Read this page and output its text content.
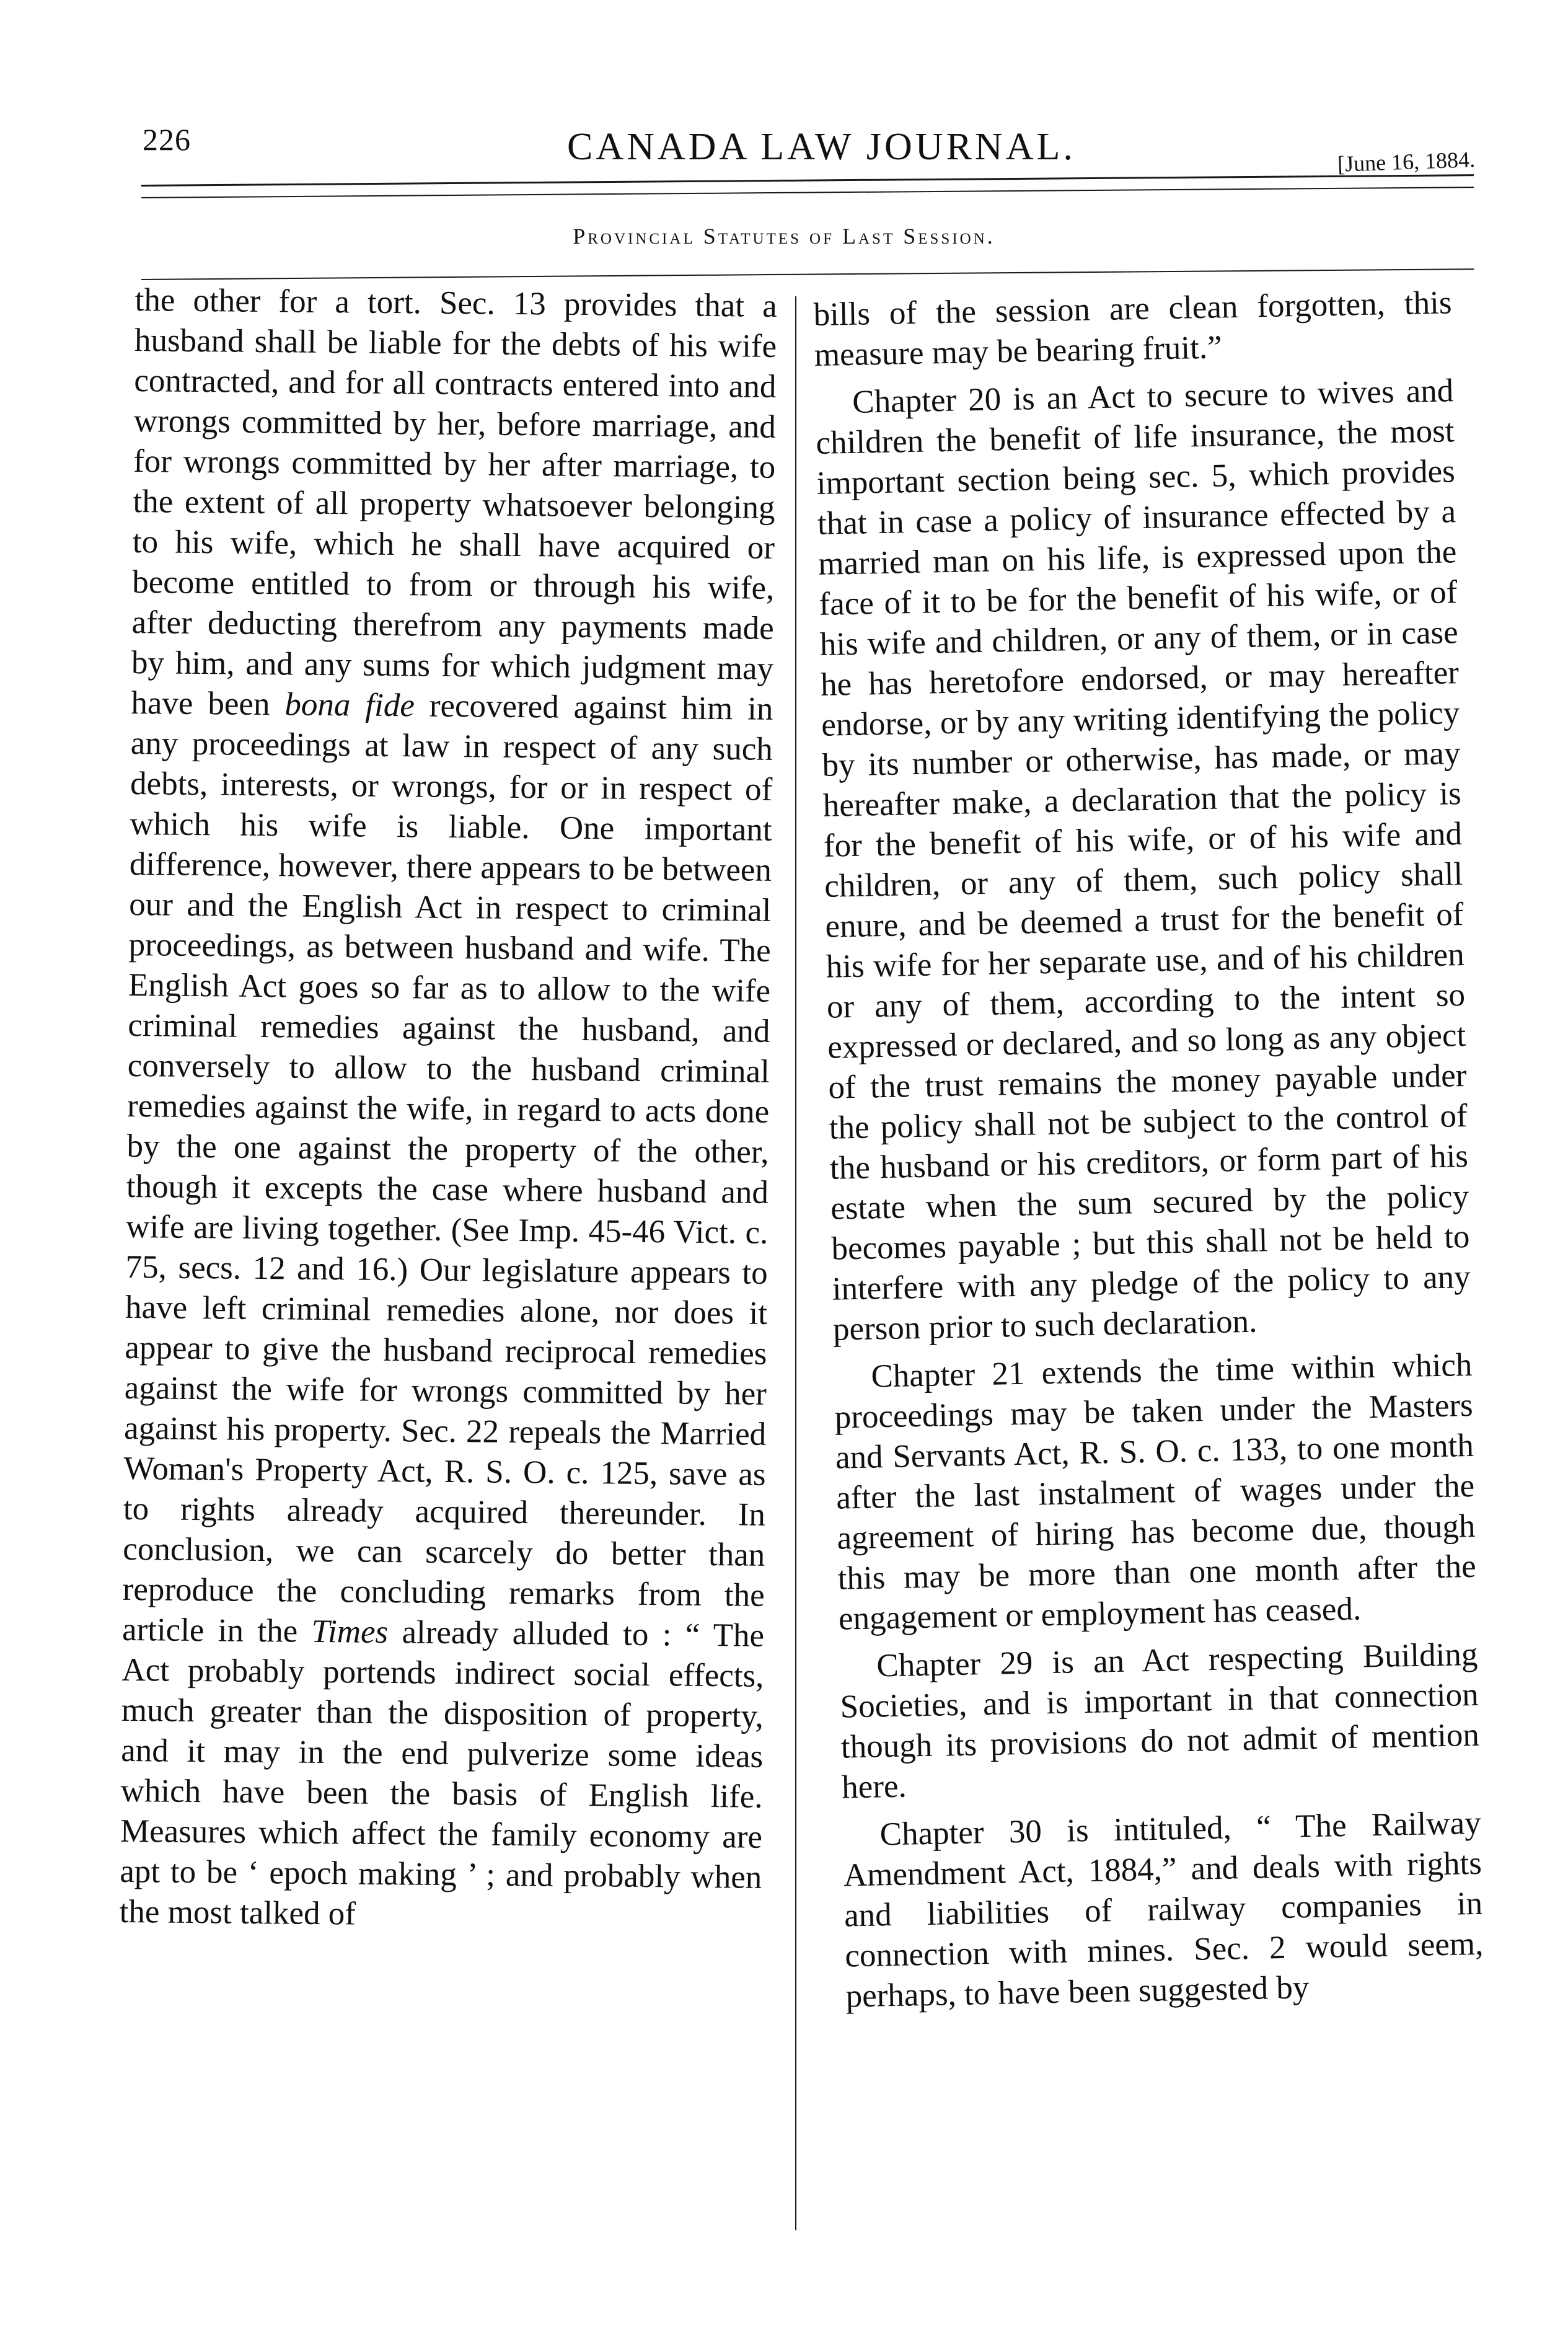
226	CANADA LAW JOURNAL.	[June 16, 1884.
Provincial Statutes of Last Session.

the other for a tort. Sec. 13 provides that a husband shall be liable for the debts of his wife contracted, and for all contracts entered into and wrongs committed by her, before marriage, and for wrongs committed by her after marriage, to the extent of all property whatsoever belonging to his wife, which he shall have acquired or become entitled to from or through his wife, after deducting therefrom any payments made by him, and any sums for which judgment may have been bona fide recovered against him in any proceedings at law in respect of any such debts, interests, or wrongs, for or in respect of which his wife is liable. One important difference, however, there appears to be between our and the English Act in respect to criminal proceedings, as between husband and wife. The English Act goes so far as to allow to the wife criminal remedies against the husband, and conversely to allow to the husband criminal remedies against the wife, in regard to acts done by the one against the property of the other, though it excepts the case where husband and wife are living together. (See Imp. 45-46 Vict. c. 75, secs. 12 and 16.) Our legislature appears to have left criminal remedies alone, nor does it appear to give the husband reciprocal remedies against the wife for wrongs committed by her against his property. Sec. 22 repeals the Married Woman's Property Act, R. S. O. c. 125, save as to rights already acquired thereunder. In conclusion, we can scarcely do better than reproduce the concluding remarks from the article in the Times already alluded to : “ The Act probably portends indirect social effects, much greater than the disposition of property, and it may in the end pulverize some ideas which have been the basis of English life. Measures which affect the family economy are apt to be ‘ epoch making ’ ; and probably when the most talked of

bills of the session are clean forgotten, this measure may be bearing fruit.”

Chapter 20 is an Act to secure to wives and children the benefit of life insurance, the most important section being sec. 5, which provides that in case a policy of insurance effected by a married man on his life, is expressed upon the face of it to be for the benefit of his wife, or of his wife and children, or any of them, or in case he has heretofore endorsed, or may hereafter endorse, or by any writing identifying the policy by its number or otherwise, has made, or may hereafter make, a declaration that the policy is for the benefit of his wife, or of his wife and children, or any of them, such policy shall enure, and be deemed a trust for the benefit of his wife for her separate use, and of his children or any of them, according to the intent so expressed or declared, and so long as any object of the trust remains the money payable under the policy shall not be subject to the control of the husband or his creditors, or form part of his estate when the sum secured by the policy becomes payable ; but this shall not be held to interfere with any pledge of the policy to any person prior to such declaration.

Chapter 21 extends the time within which proceedings may be taken under the Masters and Servants Act, R. S. O. c. 133, to one month after the last instalment of wages under the agreement of hiring has become due, though this may be more than one month after the engagement or employment has ceased.

Chapter 29 is an Act respecting Building Societies, and is important in that connection though its provisions do not admit of mention here.

Chapter 30 is intituled, “ The Railway Amendment Act, 1884,” and deals with rights and liabilities of railway companies in connection with mines. Sec. 2 would seem, perhaps, to have been suggested by
